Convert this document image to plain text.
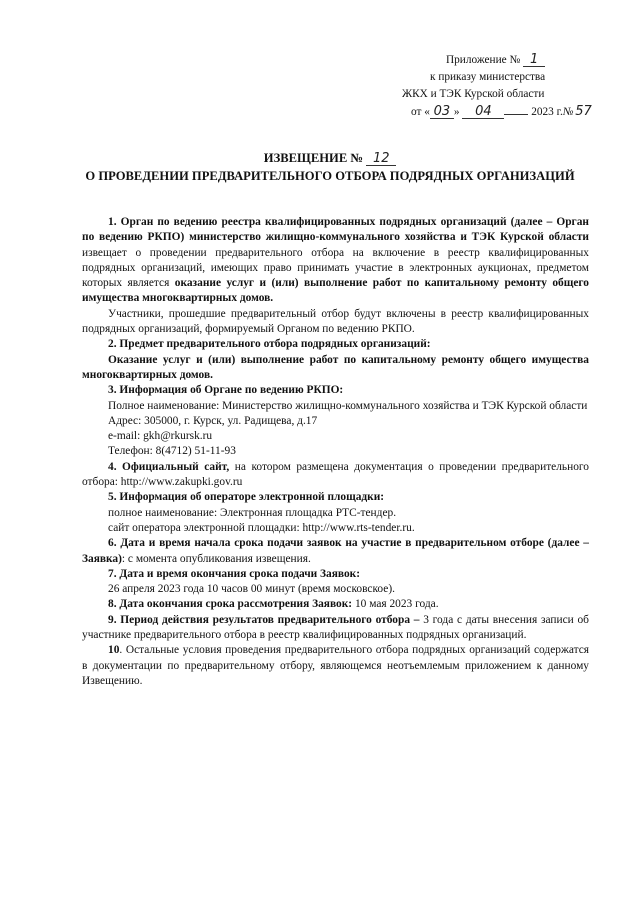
Приложение № 1
к приказу министерства
ЖКХ и ТЭК Курской области
от « 03 » 04	2023 г.№ 57
ИЗВЕЩЕНИЕ № 12
О ПРОВЕДЕНИИ ПРЕДВАРИТЕЛЬНОГО ОТБОРА ПОДРЯДНЫХ ОРГАНИЗАЦИЙ

1. Орган по ведению реестра квалифицированных подрядных организаций (далее – Орган по ведению РКПО) министерство жилищно-коммунального хозяйства и ТЭК Курской области извещает о проведении предварительного отбора на включение в реестр квалифицированных подрядных организаций, имеющих право принимать участие в электронных аукционах, предметом которых является оказание услуг и (или) выполнение работ по капитальному ремонту общего имущества многоквартирных домов.

Участники, прошедшие предварительный отбор будут включены в реестр квалифицированных подрядных организаций, формируемый Органом по ведению РКПО.

2. Предмет предварительного отбора подрядных организаций:

Оказание услуг и (или) выполнение работ по капитальному ремонту общего имущества многоквартирных домов.

3. Информация об Органе по ведению РКПО:

Полное наименование: Министерство жилищно-коммунального хозяйства и ТЭК Курской области

Адрес: 305000, г. Курск, ул. Радищева, д.17

e-mail: gkh@rkursk.ru

Телефон: 8(4712) 51-11-93

4. Официальный сайт, на котором размещена документация о проведении предварительного отбора: http://www.zakupki.gov.ru

5. Информация об операторе электронной площадки:

полное наименование: Электронная площадка РТС-тендер.

сайт оператора электронной площадки: http://www.rts-tender.ru.

6. Дата и время начала срока подачи заявок на участие в предварительном отборе (далее – Заявка): с момента опубликования извещения.

7. Дата и время окончания срока подачи Заявок:

26 апреля 2023 года 10 часов 00 минут (время московское).

8. Дата окончания срока рассмотрения Заявок: 10 мая 2023 года.

9. Период действия результатов предварительного отбора – 3 года с даты внесения записи об участнике предварительного отбора в реестр квалифицированных подрядных организаций.

10. Остальные условия проведения предварительного отбора подрядных организаций содержатся в документации по предварительному отбору, являющемся неотъемлемым приложением к данному Извещению.
